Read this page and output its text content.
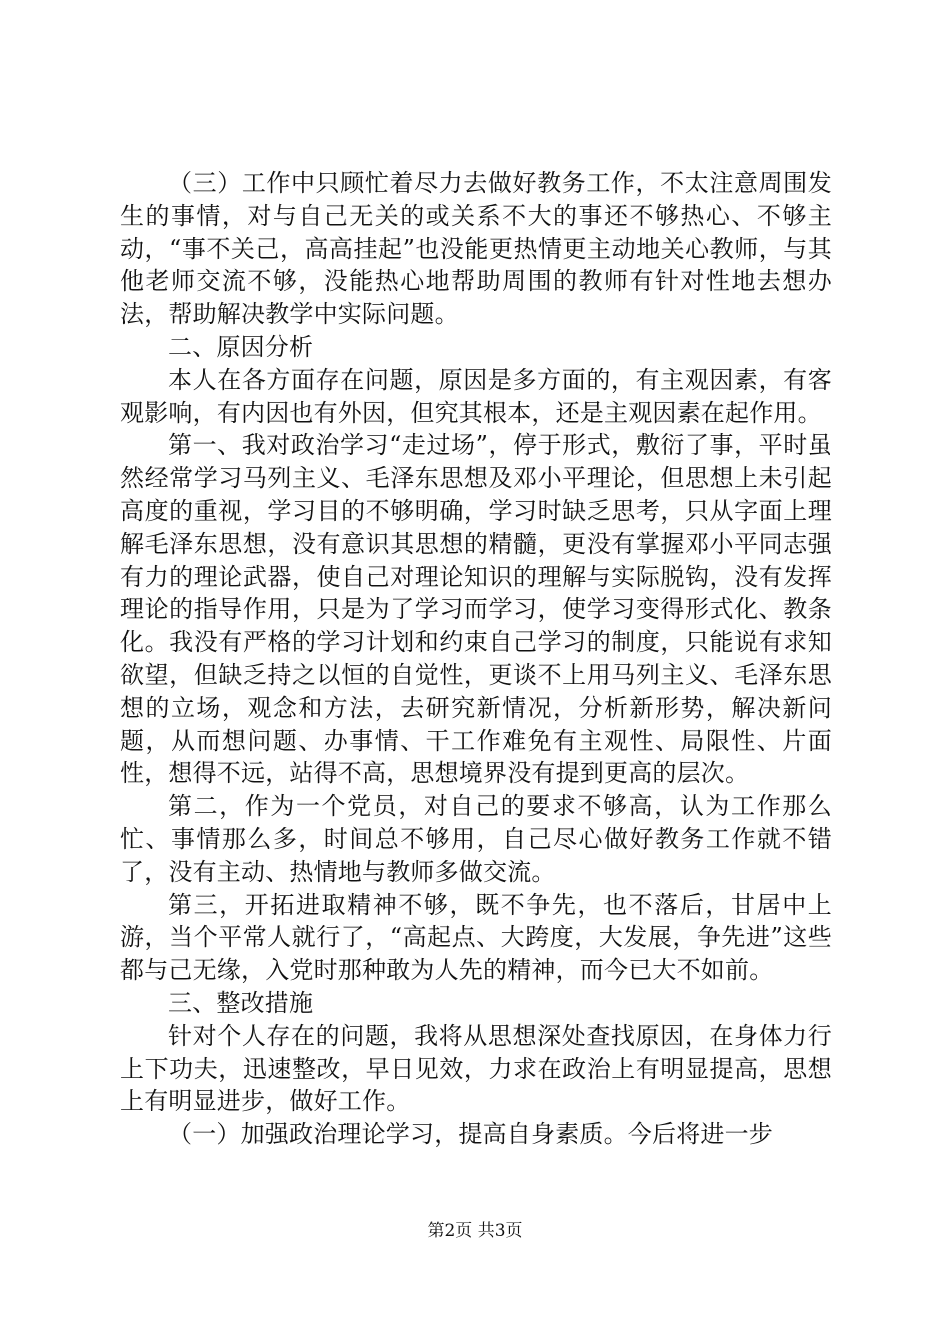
（三）工作中只顾忙着尽力去做好教务工作，不太注意周围发生的事情，对与自己无关的或关系不大的事还不够热心、不够主动，“事不关己，高高挂起”也没能更热情更主动地关心教师，与其他老师交流不够，没能热心地帮助周围的教师有针对性地去想办法，帮助解决教学中实际问题。

二、原因分析

本人在各方面存在问题，原因是多方面的，有主观因素，有客观影响，有内因也有外因，但究其根本，还是主观因素在起作用。

第一、我对政治学习“走过场”，停于形式，敷衍了事，平时虽然经常学习马列主义、毛泽东思想及邓小平理论，但思想上未引起高度的重视，学习目的不够明确，学习时缺乏思考，只从字面上理解毛泽东思想，没有意识其思想的精髓，更没有掌握邓小平同志强有力的理论武器，使自己对理论知识的理解与实际脱钩，没有发挥理论的指导作用，只是为了学习而学习，使学习变得形式化、教条化。我没有严格的学习计划和约束自己学习的制度，只能说有求知欲望，但缺乏持之以恒的自觉性，更谈不上用马列主义、毛泽东思想的立场，观念和方法，去研究新情况，分析新形势，解决新问题，从而想问题、办事情、干工作难免有主观性、局限性、片面性，想得不远，站得不高，思想境界没有提到更高的层次。

第二，作为一个党员，对自己的要求不够高，认为工作那么忙、事情那么多，时间总不够用，自己尽心做好教务工作就不错了，没有主动、热情地与教师多做交流。

第三，开拓进取精神不够，既不争先，也不落后，甘居中上游，当个平常人就行了，“高起点、大跨度，大发展，争先进”这些都与己无缘，入党时那种敢为人先的精神，而今已大不如前。

三、整改措施

针对个人存在的问题，我将从思想深处查找原因，在身体力行上下功夫，迅速整改，早日见效，力求在政治上有明显提高，思想上有明显进步，做好工作。

（一）加强政治理论学习，提高自身素质。今后将进一步

第2页 共3页
